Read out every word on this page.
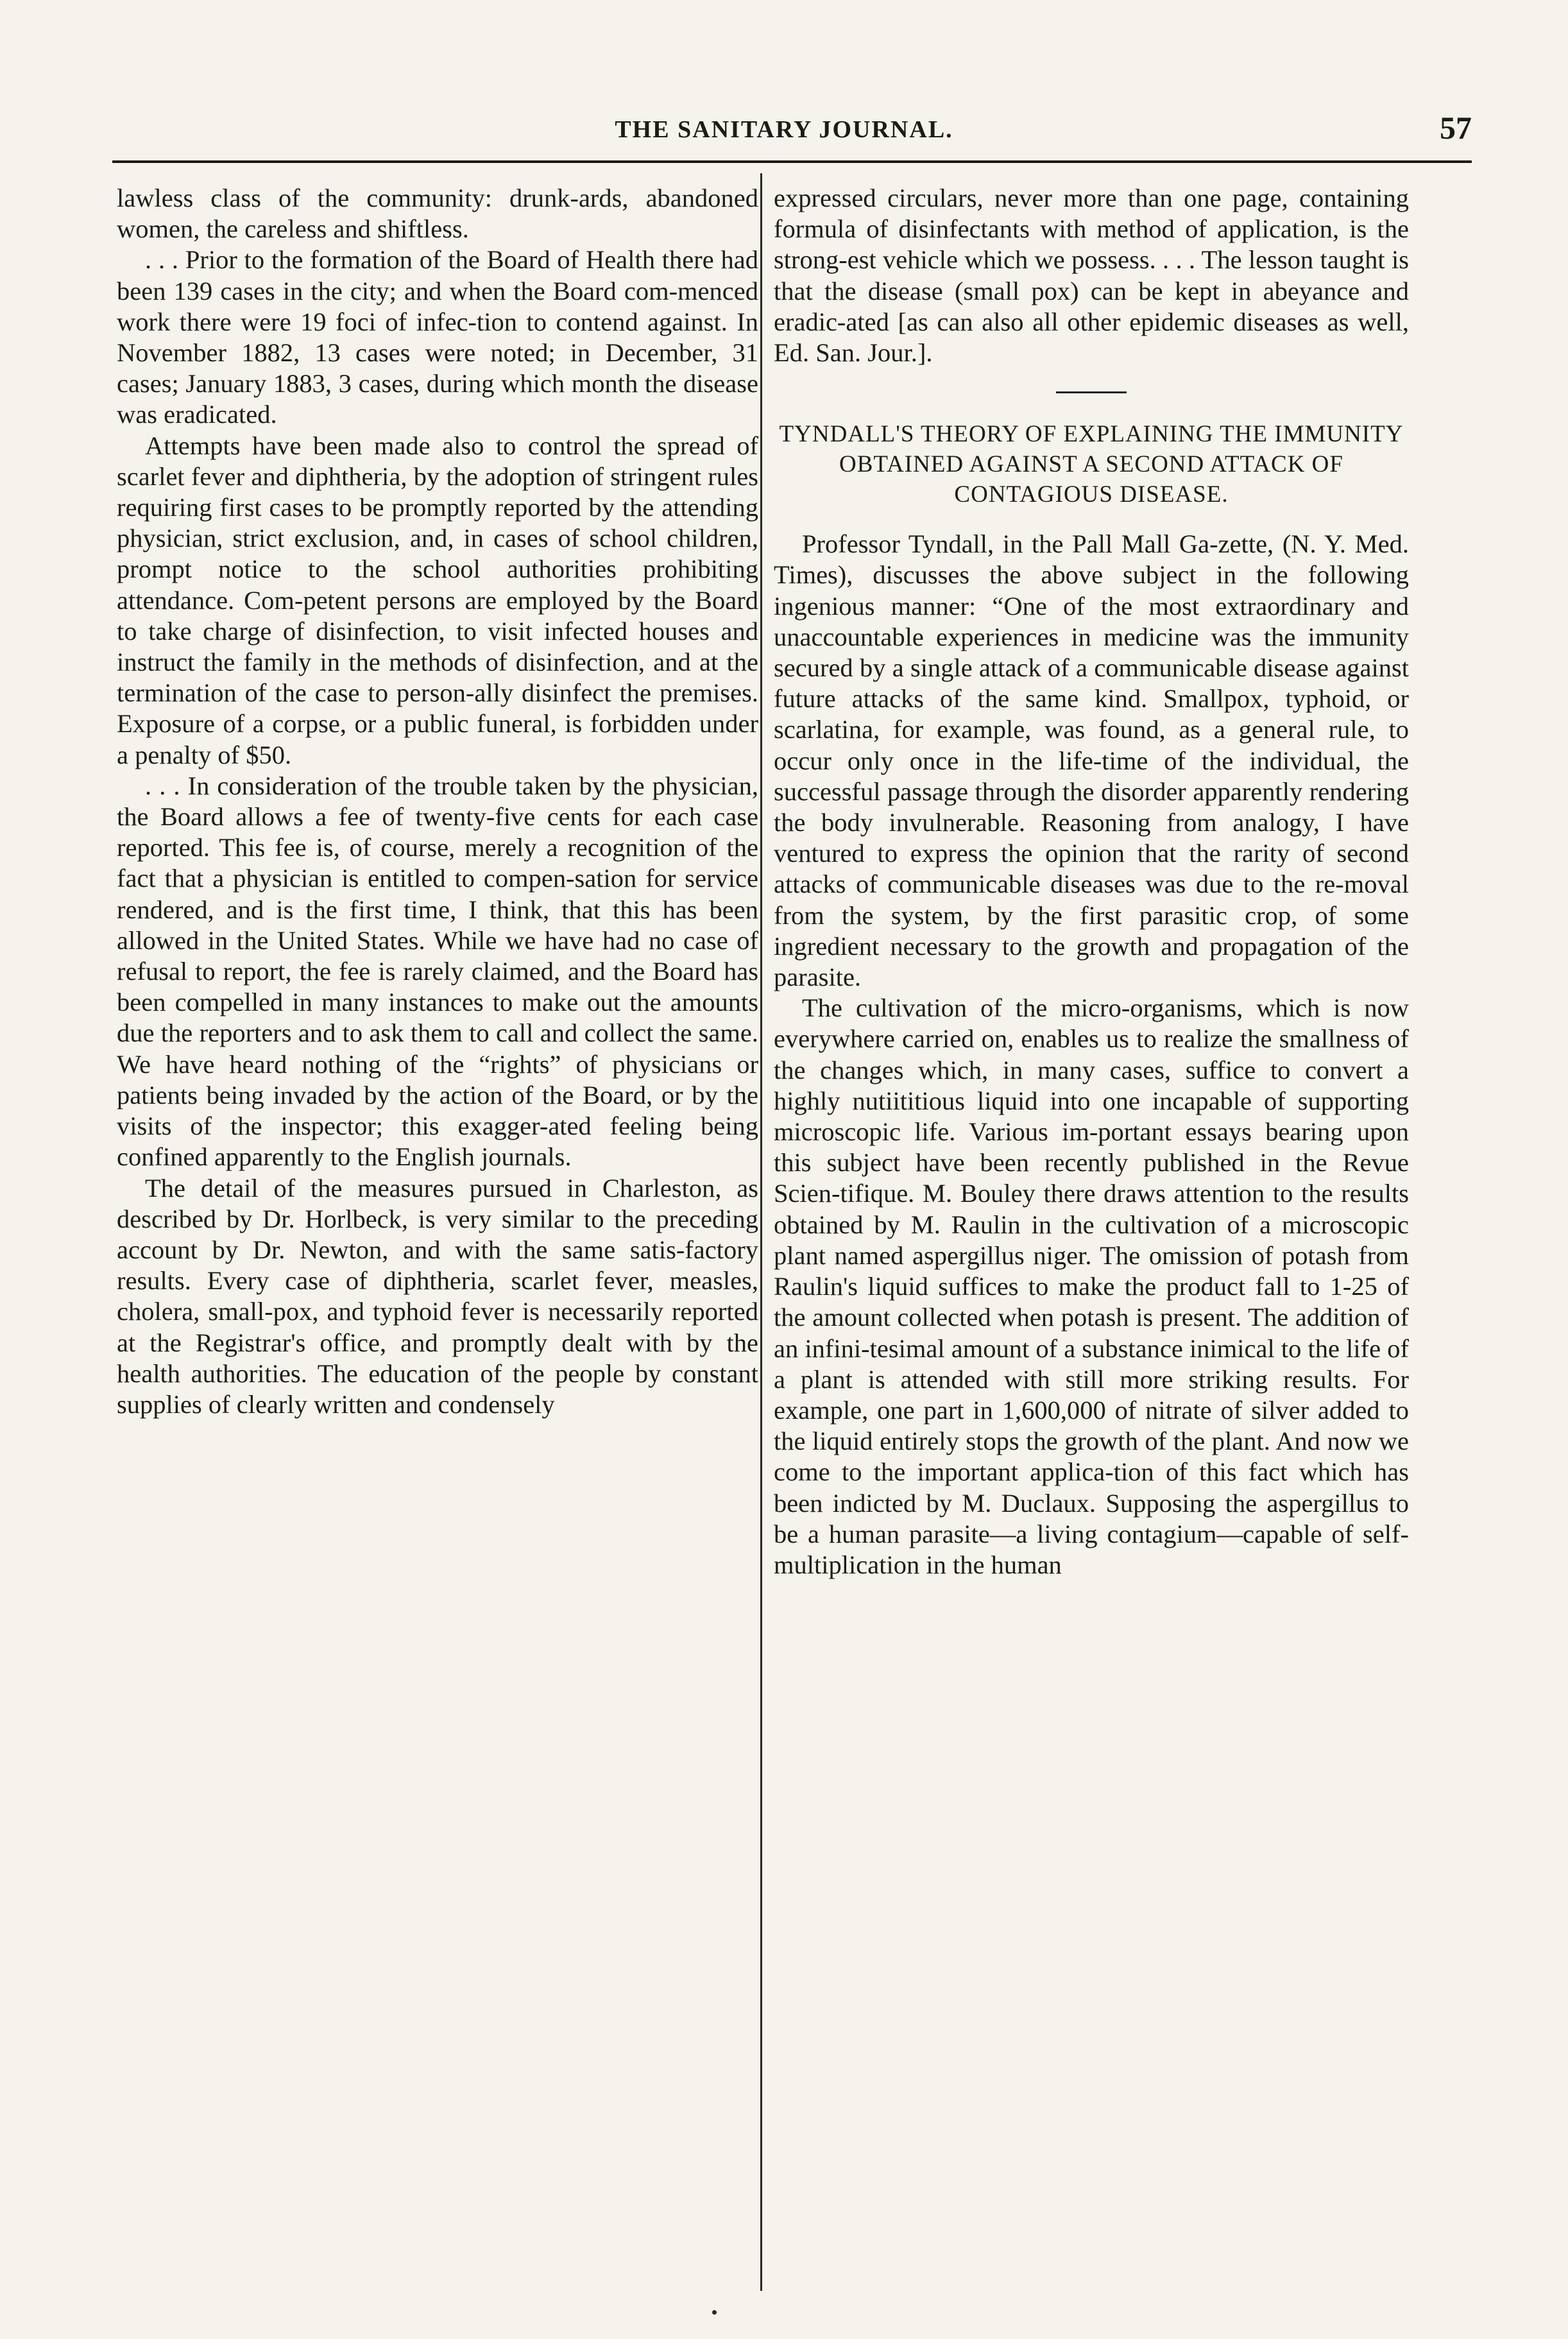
THE SANITARY JOURNAL.	57

lawless class of the community: drunk-ards, abandoned women, the careless and shiftless.

. . . Prior to the formation of the Board of Health there had been 139 cases in the city; and when the Board com-menced work there were 19 foci of infec-tion to contend against. In November 1882, 13 cases were noted; in December, 31 cases; January 1883, 3 cases, during which month the disease was eradicated.

Attempts have been made also to control the spread of scarlet fever and diphtheria, by the adoption of stringent rules requiring first cases to be promptly reported by the attending physician, strict exclusion, and, in cases of school children, prompt notice to the school authorities prohibiting attendance. Com-petent persons are employed by the Board to take charge of disinfection, to visit infected houses and instruct the family in the methods of disinfection, and at the termination of the case to person-ally disinfect the premises. Exposure of a corpse, or a public funeral, is forbidden under a penalty of $50.

. . . In consideration of the trouble taken by the physician, the Board allows a fee of twenty-five cents for each case reported. This fee is, of course, merely a recognition of the fact that a physician is entitled to compen-sation for service rendered, and is the first time, I think, that this has been allowed in the United States. While we have had no case of refusal to report, the fee is rarely claimed, and the Board has been compelled in many instances to make out the amounts due the reporters and to ask them to call and collect the same. We have heard nothing of the “rights” of physicians or patients being invaded by the action of the Board, or by the visits of the inspector; this exagger-ated feeling being confined apparently to the English journals.

The detail of the measures pursued in Charleston, as described by Dr. Horlbeck, is very similar to the preceding account by Dr. Newton, and with the same satis-factory results. Every case of diphtheria, scarlet fever, measles, cholera, small-pox, and typhoid fever is necessarily reported at the Registrar's office, and promptly dealt with by the health authorities. The education of the people by constant supplies of clearly written and condensely

expressed circulars, never more than one page, containing formula of disinfectants with method of application, is the strong-est vehicle which we possess. . . . The lesson taught is that the disease (small pox) can be kept in abeyance and eradic-ated [as can also all other epidemic diseases as well, Ed. San. Jour.].

TYNDALL'S THEORY OF EXPLAINING THE IMMUNITY OBTAINED AGAINST A SECOND ATTACK OF CONTAGIOUS DISEASE.

Professor Tyndall, in the Pall Mall Ga-zette, (N. Y. Med. Times), discusses the above subject in the following ingenious manner: “One of the most extraordinary and unaccountable experiences in medicine was the immunity secured by a single attack of a communicable disease against future attacks of the same kind. Smallpox, typhoid, or scarlatina, for example, was found, as a general rule, to occur only once in the life-time of the individual, the successful passage through the disorder apparently rendering the body invulnerable. Reasoning from analogy, I have ventured to express the opinion that the rarity of second attacks of communicable diseases was due to the re-moval from the system, by the first parasitic crop, of some ingredient necessary to the growth and propagation of the parasite.

The cultivation of the micro-organisms, which is now everywhere carried on, enables us to realize the smallness of the changes which, in many cases, suffice to convert a highly nutiititious liquid into one incapable of supporting microscopic life. Various im-portant essays bearing upon this subject have been recently published in the Revue Scien-tifique. M. Bouley there draws attention to the results obtained by M. Raulin in the cultivation of a microscopic plant named aspergillus niger. The omission of potash from Raulin's liquid suffices to make the product fall to 1-25 of the amount collected when potash is present. The addition of an infini-tesimal amount of a substance inimical to the life of a plant is attended with still more striking results. For example, one part in 1,600,000 of nitrate of silver added to the liquid entirely stops the growth of the plant. And now we come to the important applica-tion of this fact which has been indicted by M. Duclaux. Supposing the aspergillus to be a human parasite—a living contagium—capable of self-multiplication in the human
